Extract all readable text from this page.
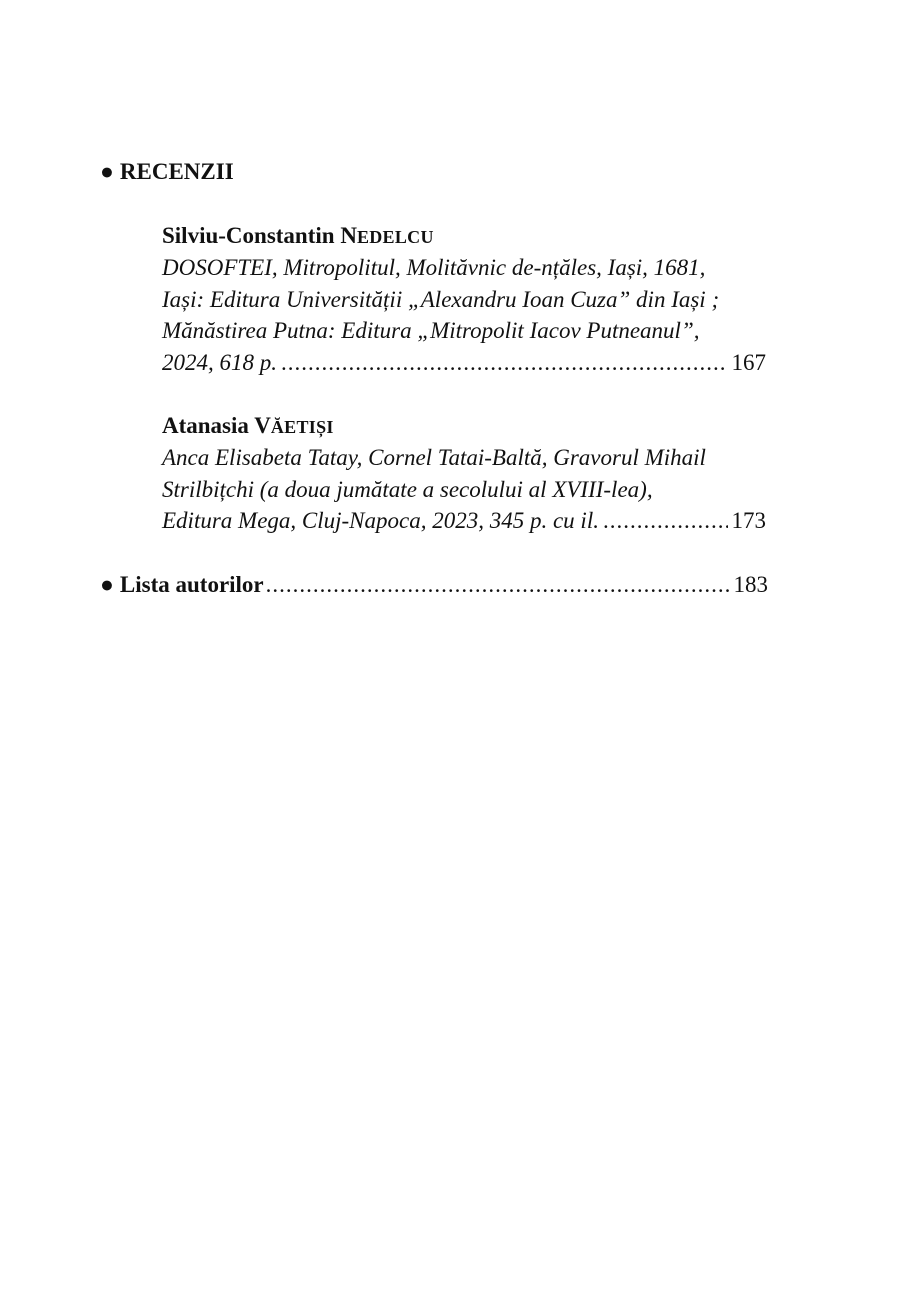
● RECENZII
Silviu-Constantin NEDELCU
DOSOFTEI, Mitropolitul, Molităvnic de-nțăles, Iași, 1681,
Iași: Editura Universității „Alexandru Ioan Cuza” din Iași ;
Mănăstirea Putna: Editura „Mitropolit Iacov Putneanul”,
2024, 618 p. .....	167
Atanasia VĂETIȘI
Anca Elisabeta Tatay, Cornel Tatai-Baltă, Gravorul Mihail
Strilbițchi (a doua jumătate a secolului al XVIII-lea),
Editura Mega, Cluj-Napoca, 2023, 345 p. cu il. .....	173
● Lista autorilor .....	183
